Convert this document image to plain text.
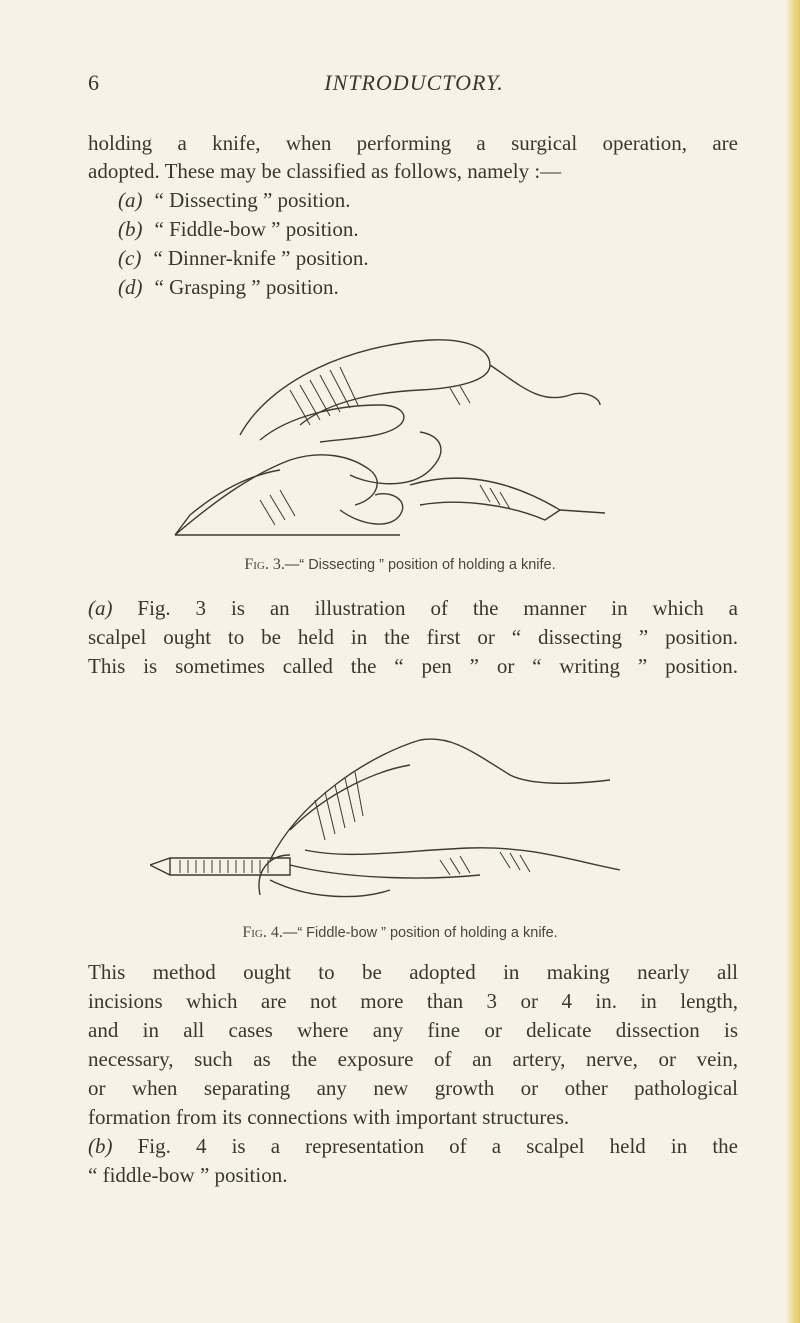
6	INTRODUCTORY.

holding a knife, when performing a surgical operation, are

adopted. These may be classified as follows, namely :—

(a) “ Dissecting ” position.

(b) “ Fiddle-bow ” position.

(c) “ Dinner-knife ” position.

(d) “ Grasping ” position.

Fig. 3.—“ Dissecting ” position of holding a knife.

(a) Fig. 3 is an illustration of the manner in which a

scalpel ought to be held in the first or “ dissecting ” position.

This is sometimes called the “ pen ” or “ writing ” position.

Fig. 4.—“ Fiddle-bow ” position of holding a knife.

This method ought to be adopted in making nearly all

incisions which are not more than 3 or 4 in. in length,

and in all cases where any fine or delicate dissection is

necessary, such as the exposure of an artery, nerve, or vein,

or when separating any new growth or other pathological

formation from its connections with important structures.

(b) Fig. 4 is a representation of a scalpel held in the

“ fiddle-bow ” position.
